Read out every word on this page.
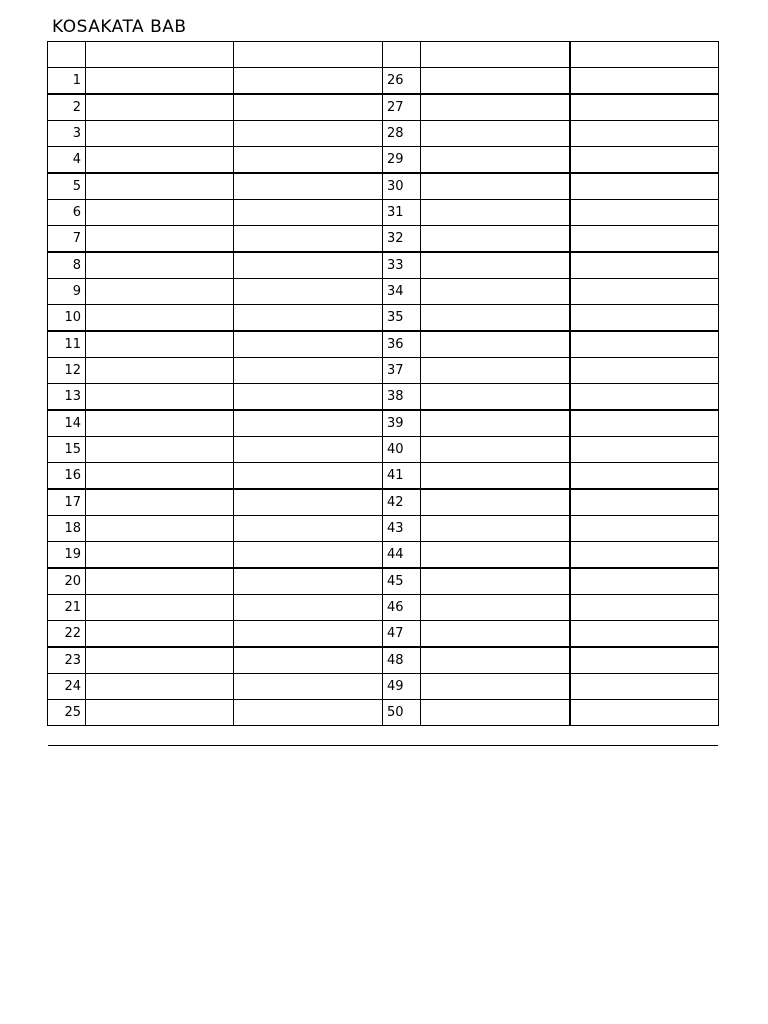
KOSAKATA BAB

1			26		
2			27		
3			28		
4			29		
5			30		
6			31		
7			32		
8			33		
9			34		
10			35		
11			36		
12			37		
13			38		
14			39		
15			40		
16			41		
17			42		
18			43		
19			44		
20			45		
21			46		
22			47		
23			48		
24			49		
25			50		
